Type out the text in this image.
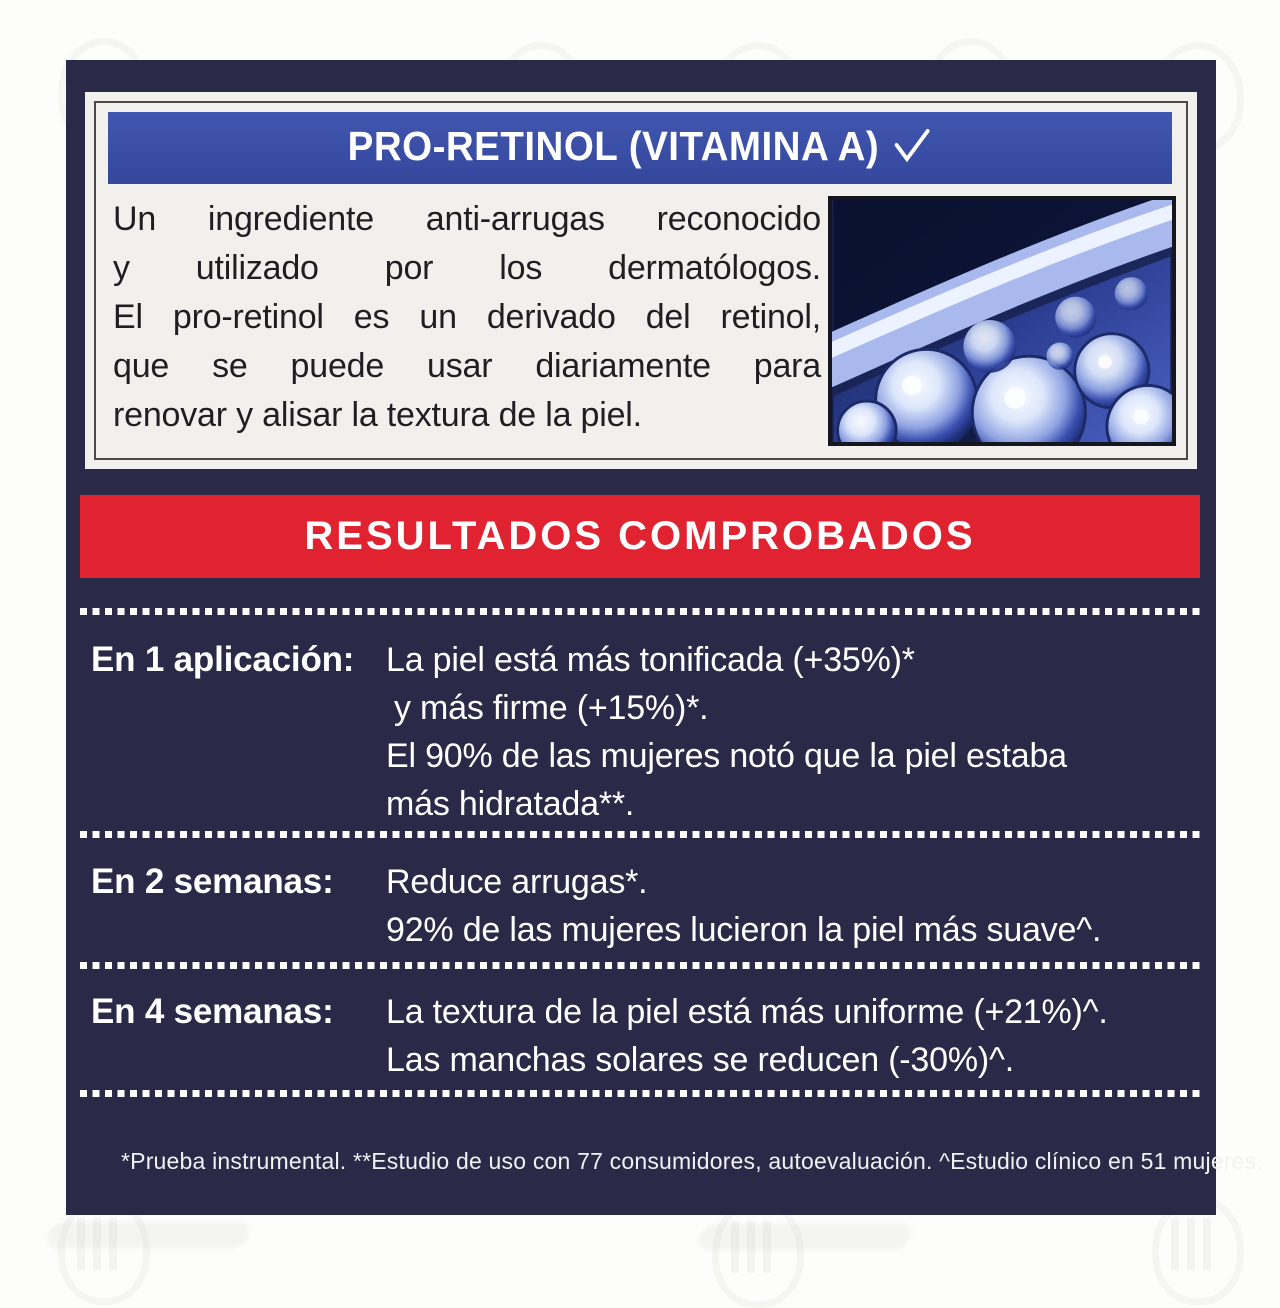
PRO-RETINOL (VITAMINA A)
Un ingrediente anti-arrugas reconocido
y utilizado por los dermatólogos.
El pro-retinol es un derivado del retinol,
que se puede usar diariamente para
renovar y alisar la textura de la piel.
RESULTADOS COMPROBADOS
En 1 aplicación: La piel está más tonificada (+35%)*
y más firme (+15%)*.
El 90% de las mujeres notó que la piel estaba
más hidratada**.
En 2 semanas: Reduce arrugas*.
92% de las mujeres lucieron la piel más suave^.
En 4 semanas: La textura de la piel está más uniforme (+21%)^.
Las manchas solares se reducen (-30%)^.
*Prueba instrumental. **Estudio de uso con 77 consumidores, autoevaluación. ^Estudio clínico en 51 mujeres.
